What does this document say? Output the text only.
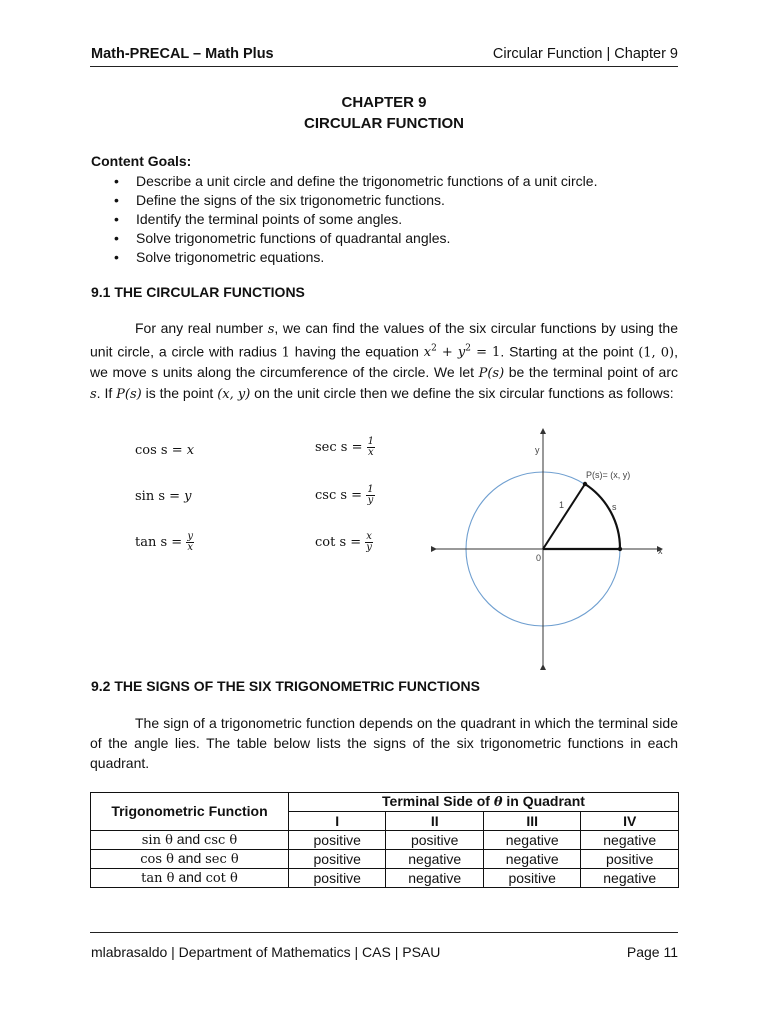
Math-PRECAL – Math Plus	Circular Function | Chapter 9
CHAPTER 9
CIRCULAR FUNCTION
Content Goals:
• Describe a unit circle and define the trigonometric functions of a unit circle.
• Define the signs of the six trigonometric functions.
• Identify the terminal points of some angles.
• Solve trigonometric functions of quadrantal angles.
• Solve trigonometric equations.
9.1 THE CIRCULAR FUNCTIONS
For any real number s, we can find the values of the six circular functions by using the unit circle, a circle with radius 1 having the equation $x^2 + y^2 = 1$. Starting at the point (1, 0), we move s units along the circumference of the circle. We let P(s) be the terminal point of arc s. If P(s) is the point (x, y) on the unit circle then we define the six circular functions as follows:
cos s = x
sin s = y
$\tan s = \frac{y}{x}$
$\sec s = \frac{1}{x}$
$\csc s = \frac{1}{y}$
$\cot s = \frac{x}{y}$
y
x
0
P(s)= (x, y)
1	s
9.2 THE SIGNS OF THE SIX TRIGONOMETRIC FUNCTIONS
The sign of a trigonometric function depends on the quadrant in which the terminal side of the angle lies. The table below lists the signs of the six trigonometric functions in each quadrant.
Trigonometric Function	Terminal Side of θ in Quadrant			
	I	II	III	IV
sin θ and csc θ	positive	positive	negative	negative
cos θ and sec θ	positive	negative	negative	positive
tan θ and cot θ	positive	negative	positive	negative
mlabrasaldo | Department of Mathematics | CAS | PSAU	Page 11
